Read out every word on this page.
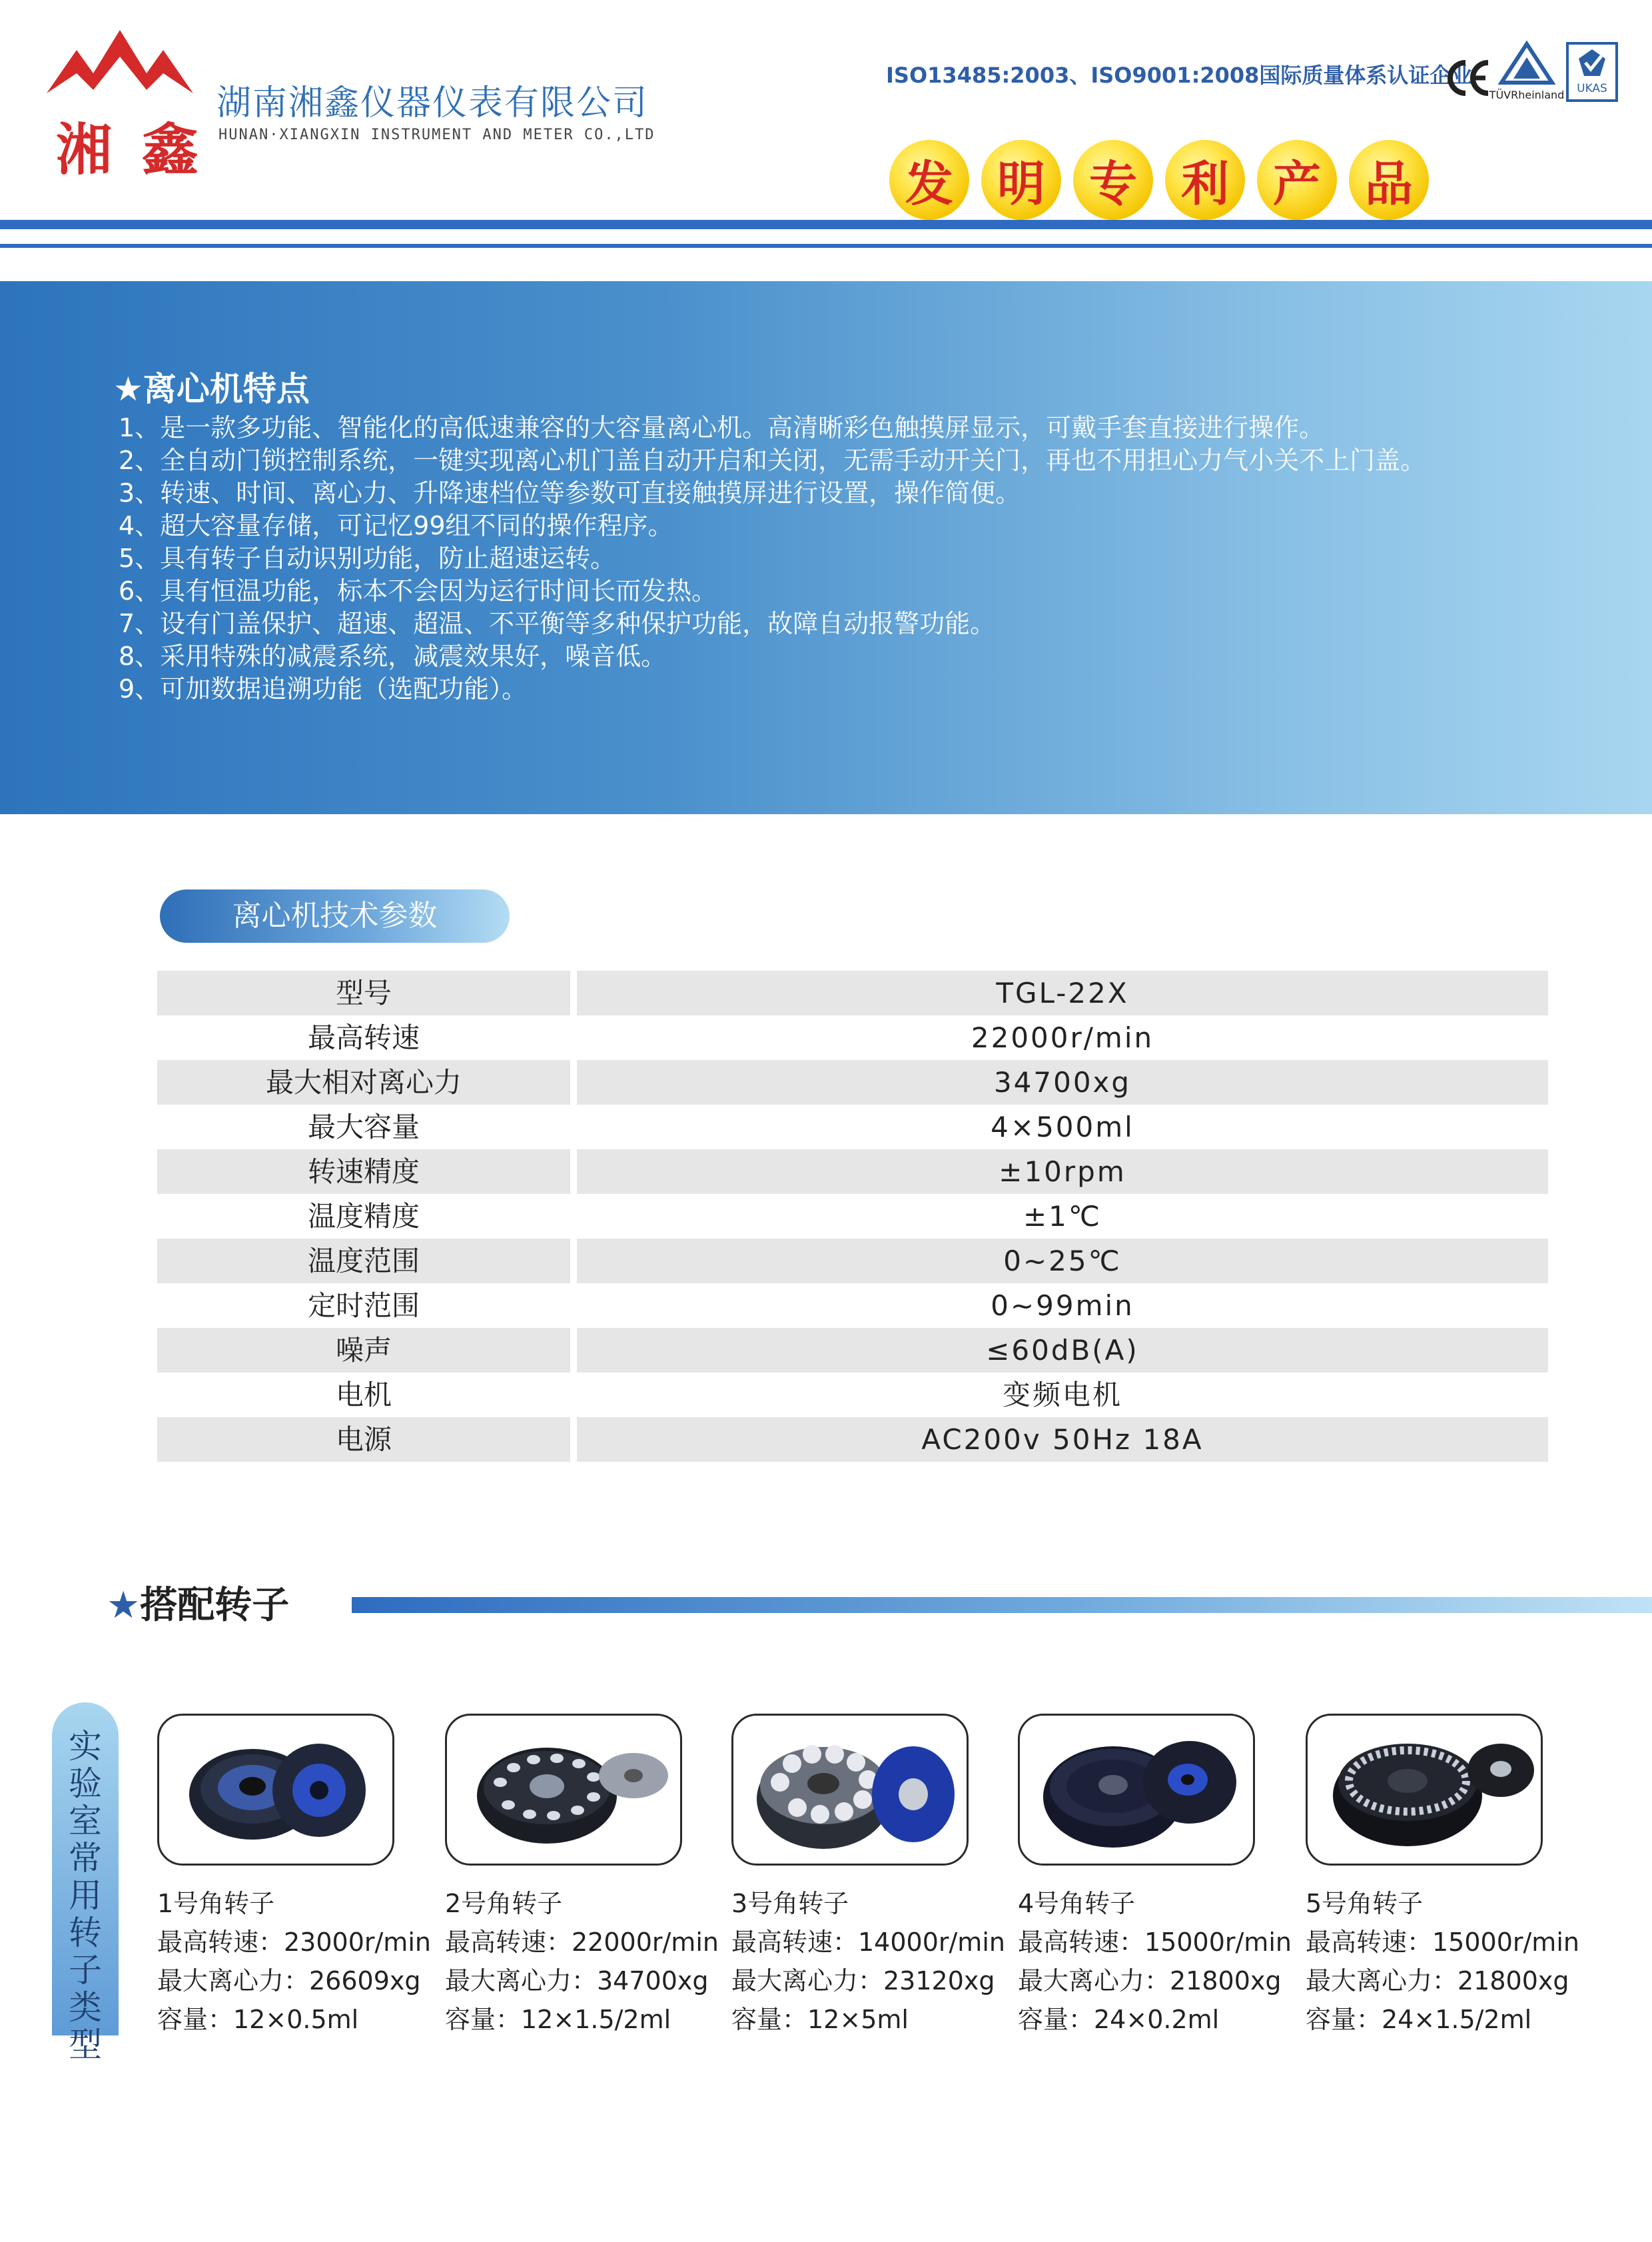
湘 鑫
湖南湘鑫仪器仪表有限公司
HUNAN·XIANGXIN INSTRUMENT AND METER CO.,LTD
ISO13485:2003、ISO9001:2008国际质量体系认证企业
TÜVRheinland UKAS
发 明 专 利 产 品
★离心机特点
1、是一款多功能、智能化的高低速兼容的大容量离心机。高清晰彩色触摸屏显示，可戴手套直接进行操作。
2、全自动门锁控制系统，一键实现离心机门盖自动开启和关闭，无需手动开关门，再也不用担心力气小关不上门盖。
3、转速、时间、离心力、升降速档位等参数可直接触摸屏进行设置，操作简便。
4、超大容量存储，可记忆99组不同的操作程序。
5、具有转子自动识别功能，防止超速运转。
6、具有恒温功能，标本不会因为运行时间长而发热。
7、设有门盖保护、超速、超温、不平衡等多种保护功能，故障自动报警功能。
8、采用特殊的减震系统，减震效果好，噪音低。
9、可加数据追溯功能（选配功能）。
离心机技术参数
型号	TGL-22X
最高转速	22000r/min
最大相对离心力	34700xg
最大容量	4×500ml
转速精度	±10rpm
温度精度	±1℃
温度范围	0~25℃
定时范围	0~99min
噪声	≤60dB(A)
电机	变频电机
电源	AC200v 50Hz 18A
★搭配转子
实
验
室
常
用
转
子
类
型
1号角转子
最高转速：23000r/min
最大离心力：26609xg
容量：12×0.5ml
2号角转子
最高转速：22000r/min
最大离心力：34700xg
容量：12×1.5/2ml
3号角转子
最高转速：14000r/min
最大离心力：23120xg
容量：12×5ml
4号角转子
最高转速：15000r/min
最大离心力：21800xg
容量：24×0.2ml
5号角转子
最高转速：15000r/min
最大离心力：21800xg
容量：24×1.5/2ml
